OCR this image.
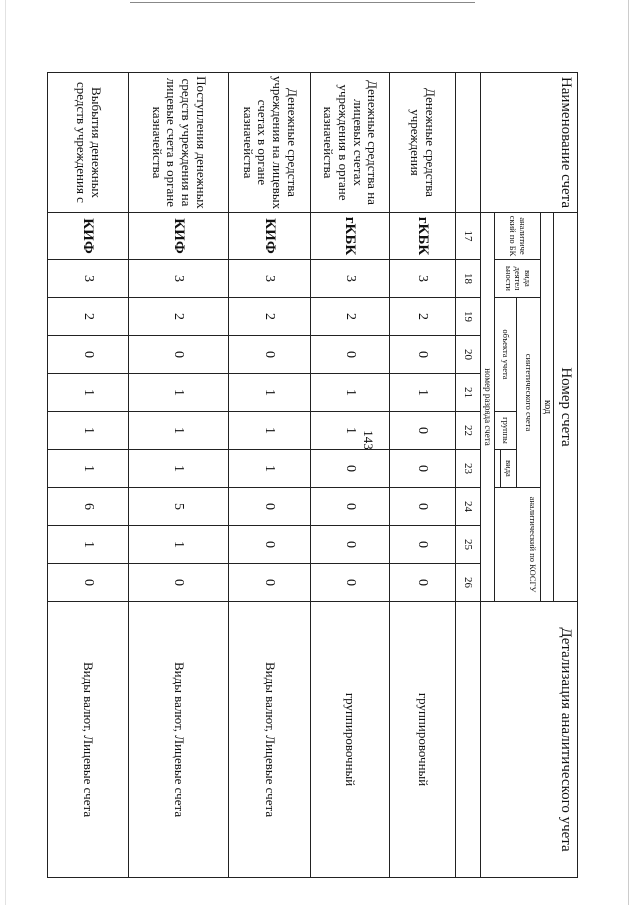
143
Наименование счета	Номер счета										Детализация аналитического учета
	код										
	аналитиче ский по БК	вида деятел ьности	синтетического счета					аналитический по КОСГУ			
			объекта учета			группы	вида				

	номер разряда счета										
	17	18	19	20	21	22	23	24	25	26	
Денежные средства учреждения	гКБК	3	2	0	1	0	0	0	0	0	группировочный
Денежные средства на лицевых счетах учреждения в органе казначейства	гКБК	3	2	0	1	1	0	0	0	0	группировочный
Денежные средства учреждения на лицевых счетах в органе казначейства	КИФ	3	2	0	1	1	1	0	0	0	Виды валют, Лицевые счета
Поступления денежных средств учреждения на лицевые счета в органе казначейства	КИФ	3	2	0	1	1	1	5	1	0	Виды валют, Лицевые счета
Выбытия денежных средств учреждения с	КИФ	3	2	0	1	1	1	6	1	0	Виды валют, Лицевые счета
